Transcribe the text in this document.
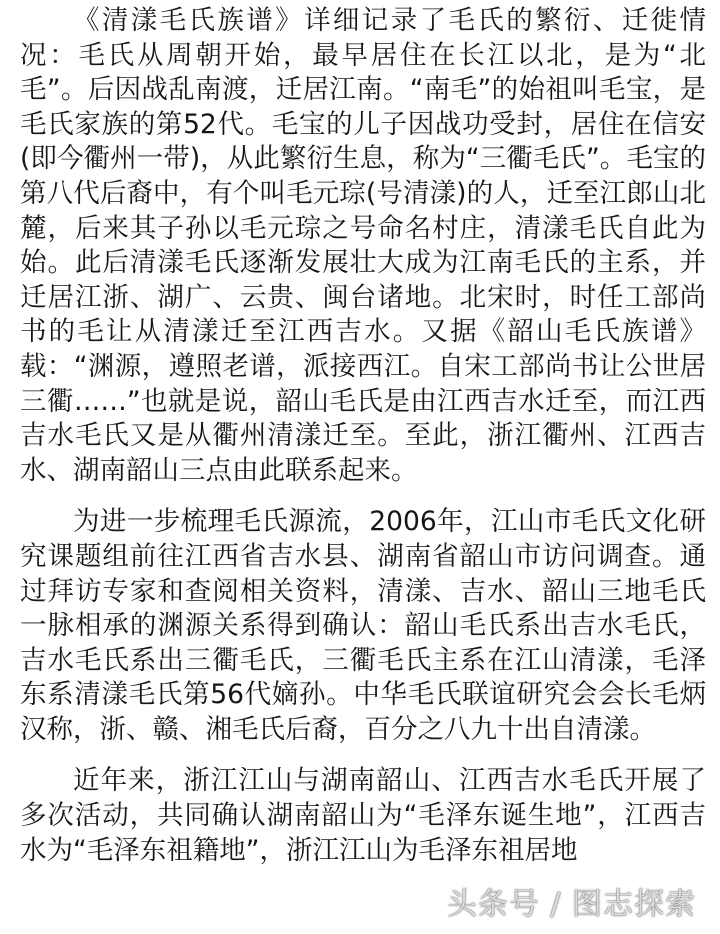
《清漾毛氏族谱》详细记录了毛氏的繁衍、迁徙情况：毛氏从周朝开始，最早居住在长江以北，是为“北毛”。后因战乱南渡，迁居江南。“南毛”的始祖叫毛宝，是毛氏家族的第52代。毛宝的儿子因战功受封，居住在信安(即今衢州一带)，从此繁衍生息，称为“三衢毛氏”。毛宝的第八代后裔中，有个叫毛元琮(号清漾)的人，迁至江郎山北麓，后来其子孙以毛元琮之号命名村庄，清漾毛氏自此为始。此后清漾毛氏逐渐发展壮大成为江南毛氏的主系，并迁居江浙、湖广、云贵、闽台诸地。北宋时，时任工部尚书的毛让从清漾迁至江西吉水。又据《韶山毛氏族谱》载：“渊源，遵照老谱，派接西江。自宋工部尚书让公世居三衢……”也就是说，韶山毛氏是由江西吉水迁至，而江西吉水毛氏又是从衢州清漾迁至。至此，浙江衢州、江西吉水、湖南韶山三点由此联系起来。

为进一步梳理毛氏源流，2006年，江山市毛氏文化研究课题组前往江西省吉水县、湖南省韶山市访问调查。通过拜访专家和查阅相关资料，清漾、吉水、韶山三地毛氏一脉相承的渊源关系得到确认：韶山毛氏系出吉水毛氏，吉水毛氏系出三衢毛氏，三衢毛氏主系在江山清漾，毛泽东系清漾毛氏第56代嫡孙。中华毛氏联谊研究会会长毛炳汉称，浙、赣、湘毛氏后裔，百分之八九十出自清漾。

近年来，浙江江山与湖南韶山、江西吉水毛氏开展了多次活动，共同确认湖南韶山为“毛泽东诞生地”，江西吉水为“毛泽东祖籍地”，浙江江山为毛泽东祖居地

头条号 / 图志探索
